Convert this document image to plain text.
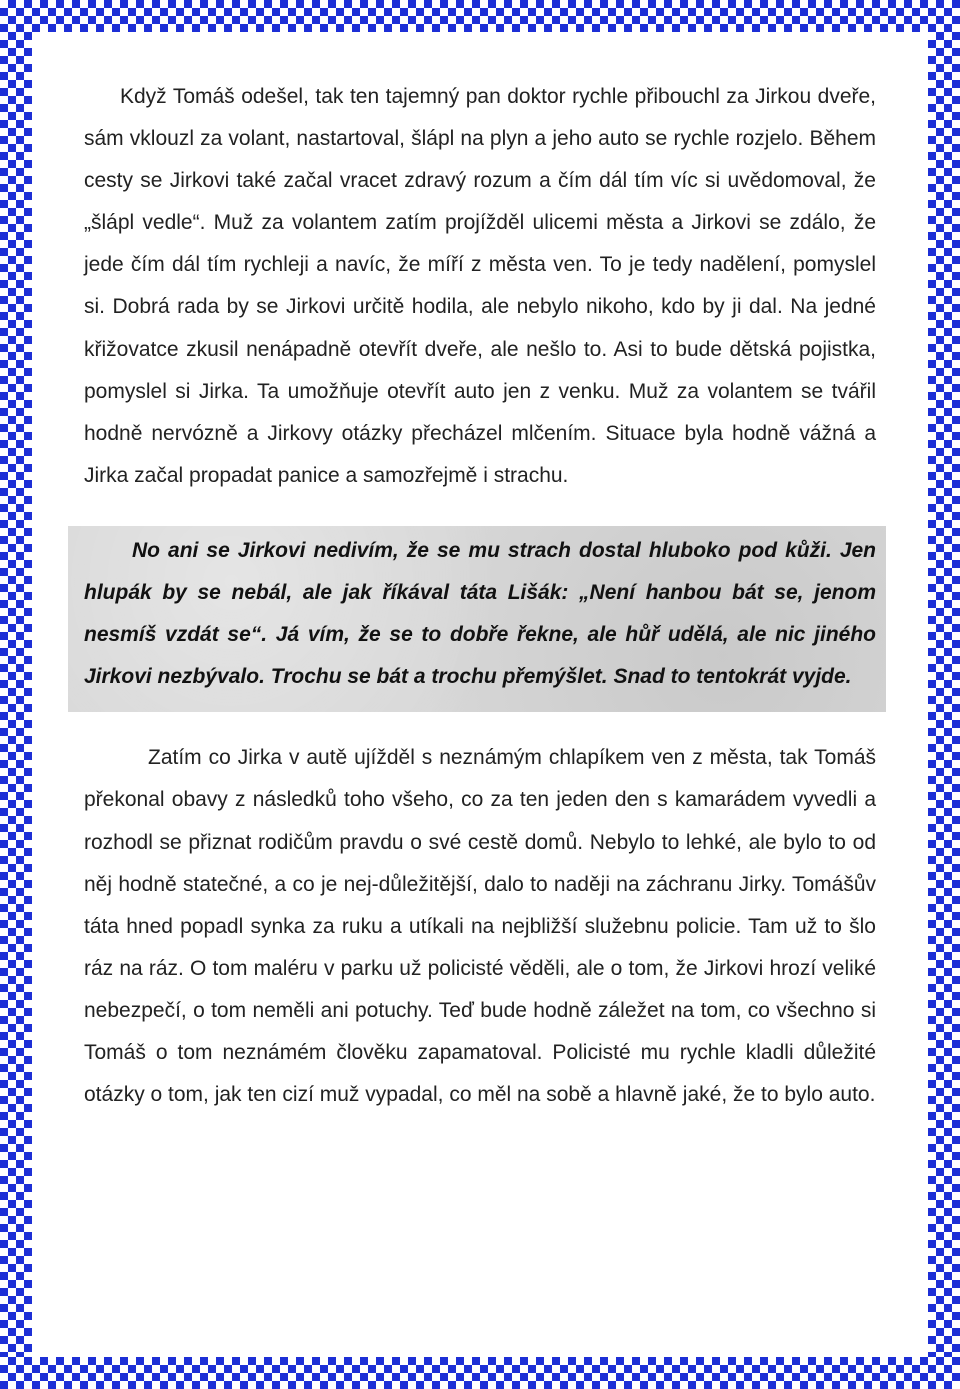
Když Tomáš odešel, tak ten tajemný pan doktor rychle přibouchl za Jirkou dveře, sám vklouzl za volant, nastartoval, šlápl na plyn a jeho auto se rychle rozjelo. Během cesty se Jirkovi také začal vracet zdravý rozum a čím dál tím víc si uvědomoval, že „šlápl vedle“. Muž za volantem zatím projížděl ulicemi města a Jirkovi se zdálo, že jede čím dál tím rychleji a navíc, že míří z města ven. To je tedy nadělení, pomyslel si. Dobrá rada by se Jirkovi určitě hodila, ale nebylo nikoho, kdo by ji dal. Na jedné křižovatce zkusil nenápadně otevřít dveře, ale nešlo to. Asi to bude dětská pojistka, pomyslel si Jirka. Ta umožňuje otevřít auto jen z venku. Muž za volantem se tvářil hodně nervózně a Jirkovy otázky přecházel mlčením. Situace byla hodně vážná a Jirka začal propadat panice a samozřejmě i strachu.

No ani se Jirkovi nedivím, že se mu strach dostal hluboko pod kůži. Jen hlupák by se nebál, ale jak říkával táta Lišák: „Není hanbou bát se, jenom nesmíš vzdát se“. Já vím, že se to dobře řekne, ale hůř udělá, ale nic jiného Jirkovi nezbývalo. Trochu se bát a trochu přemýšlet. Snad to tentokrát vyjde.

Zatím co Jirka v autě ujížděl s neznámým chlapíkem ven z města, tak Tomáš překonal obavy z následků toho všeho, co za ten jeden den s kamarádem vyvedli a rozhodl se přiznat rodičům pravdu o své cestě domů. Nebylo to lehké, ale bylo to od něj hodně statečné, a co je nej-důležitější, dalo to naději na záchranu Jirky. Tomášův táta hned popadl synka za ruku a utíkali na nejbližší služebnu policie. Tam už to šlo ráz na ráz. O tom maléru v parku už policisté věděli, ale o tom, že Jirkovi hrozí veliké nebezpečí, o tom neměli ani potuchy. Teď bude hodně záležet na tom, co všechno si Tomáš o tom neznámém člověku zapamatoval. Policisté mu rychle kladli důležité otázky o tom, jak ten cizí muž vypadal, co měl na sobě a hlavně jaké, že to bylo auto.
